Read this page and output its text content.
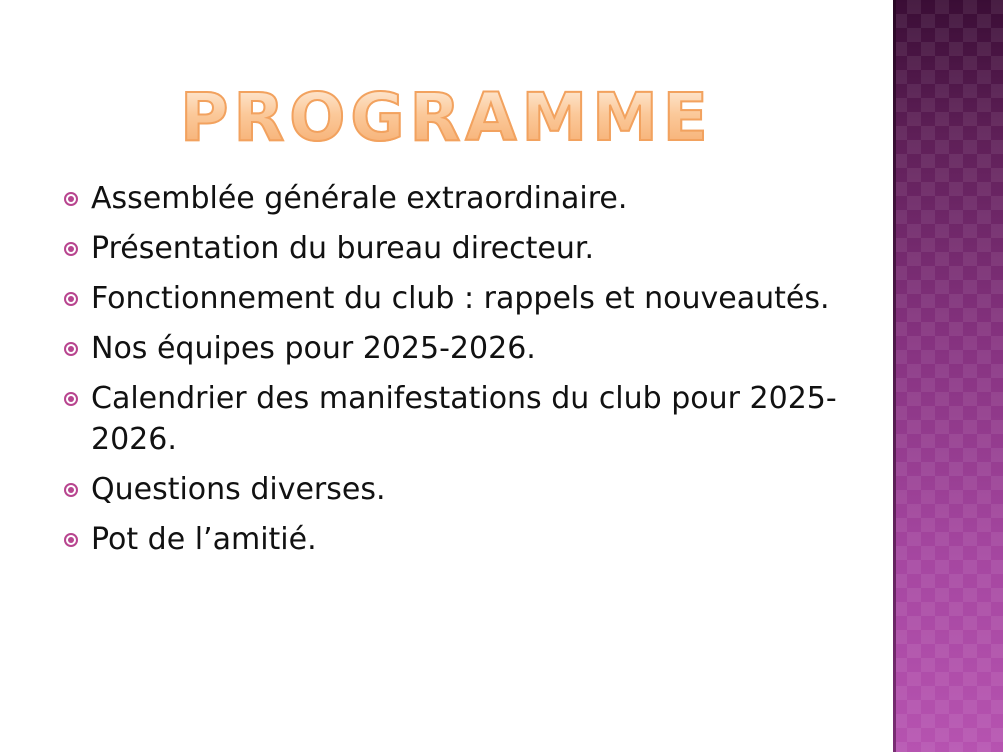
PROGRAMME
Assemblée générale extraordinaire.
Présentation du bureau directeur.
Fonctionnement du club : rappels et nouveautés.
Nos équipes pour 2025-2026.
Calendrier des manifestations du club pour 2025-2026.
Questions diverses.
Pot de l’amitié.
